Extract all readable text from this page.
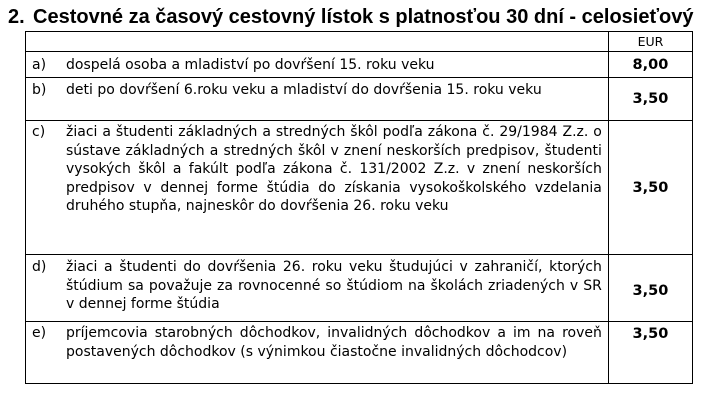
2. Cestovné za časový cestovný lístok s platnosťou 30 dní - celosieťový
	EUR

a) dospelá osoba a mladiství po dovŕšení 15. roku veku	8,00

b) deti po dovŕšení 6.roku veku a mladiství do dovŕšenia 15. roku veku	3,50

c) žiaci a študenti základných a stredných škôl podľa zákona č. 29/1984 Z.z. o sústave základných a stredných škôl v znení neskorších predpisov, študenti vysokých škôl a fakúlt podľa zákona č. 131/2002 Z.z. v znení neskorších predpisov v dennej forme štúdia do získania vysokoškolského vzdelania druhého stupňa, najneskôr do dovŕšenia 26. roku veku	3,50

d) žiaci a študenti do dovŕšenia 26. roku veku študujúci v zahraničí, ktorých štúdium sa považuje za rovnocenné so štúdiom na školách zriadených v SR v dennej forme štúdia	3,50

e) príjemcovia starobných dôchodkov, invalidných dôchodkov a im na roveň postavených dôchodkov (s výnimkou čiastočne invalidných dôchodcov)	3,50
